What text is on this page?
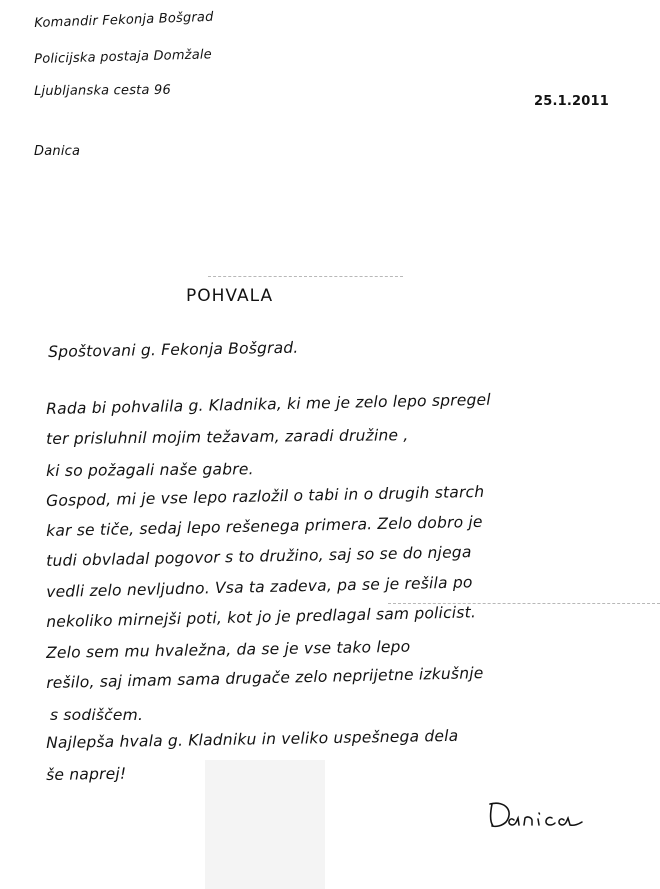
Komandir Fekonja Bošgrad
Policijska postaja Domžale
Ljubljanska cesta 96
25.1.2011
Danica
POHVALA
Spoštovani g. Fekonja Bošgrad.
Rada bi pohvalila g. Kladnika, ki me je zelo lepo spregel
ter prisluhnil mojim težavam, zaradi družine ,
ki so požagali naše gabre.
Gospod, mi je vse lepo razložil o tabi in o drugih starch
kar se tiče, sedaj lepo rešenega primera. Zelo dobro je
tudi obvladal pogovor s to družino, saj so se do njega
vedli zelo nevljudno. Vsa ta zadeva, pa se je rešila po
nekoliko mirnejši poti, kot jo je predlagal sam policist.
Zelo sem mu hvaležna, da se je vse tako lepo
rešilo, saj imam sama drugače zelo neprijetne izkušnje
s sodiščem.
Najlepša hvala g. Kladniku in veliko uspešnega dela
še naprej!
